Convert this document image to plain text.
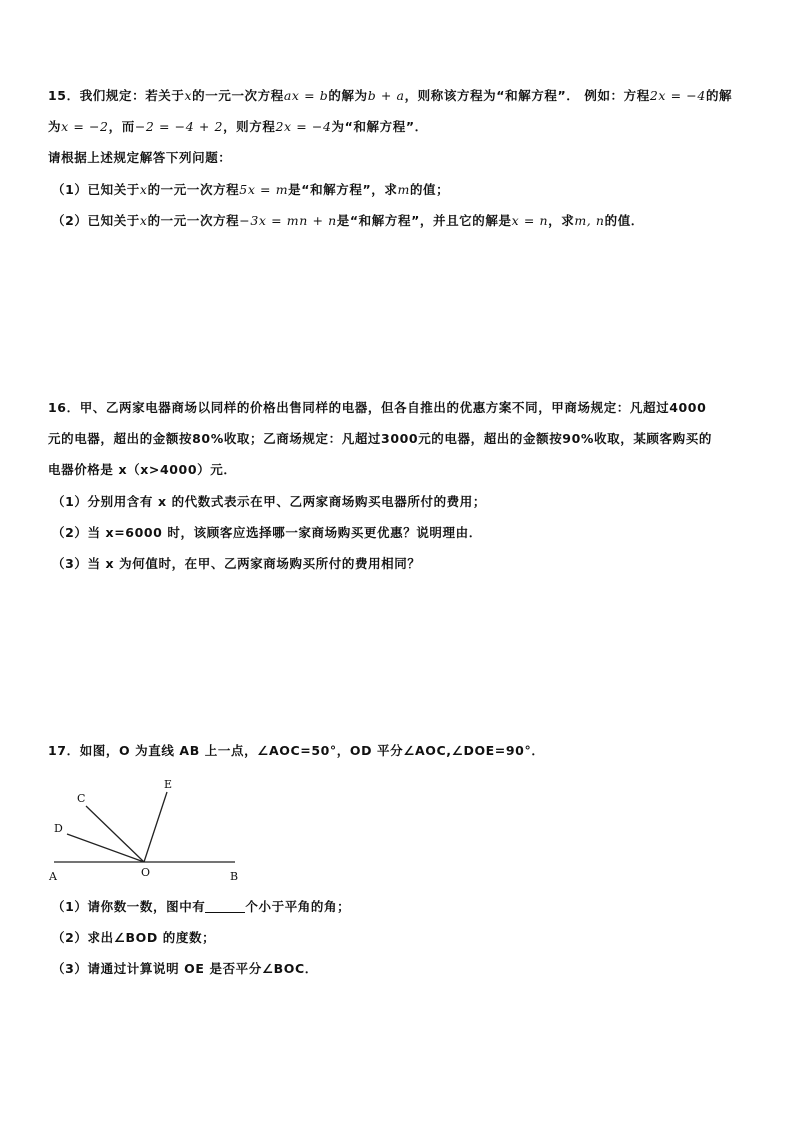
15．我们规定：若关于x的一元一次方程ax = b的解为b + a，则称该方程为“和解方程”． 例如：方程2x = −4的解
为x = −2，而−2 = −4 + 2，则方程2x = −4为“和解方程”．
请根据上述规定解答下列问题：
（1）已知关于x的一元一次方程5x = m是“和解方程”，求m的值；
（2）已知关于x的一元一次方程−3x = mn + n是“和解方程”，并且它的解是x = n，求m, n的值．
16．甲、乙两家电器商场以同样的价格出售同样的电器，但各自推出的优惠方案不同，甲商场规定：凡超过4000
元的电器，超出的金额按80%收取；乙商场规定：凡超过3000元的电器，超出的金额按90%收取，某顾客购买的
电器价格是 x（x>4000）元．
（1）分别用含有 x 的代数式表示在甲、乙两家商场购买电器所付的费用；
（2）当 x=6000 时，该顾客应选择哪一家商场购买更优惠？说明理由．
（3）当 x 为何值时，在甲、乙两家商场购买所付的费用相同？
17．如图，O 为直线 AB 上一点，∠AOC=50°，OD 平分∠AOC,∠DOE=90°．
C
D
E
A	O	B
（1）请你数一数，图中有	个小于平角的角；
（2）求出∠BOD 的度数；
（3）请通过计算说明 OE 是否平分∠BOC．
